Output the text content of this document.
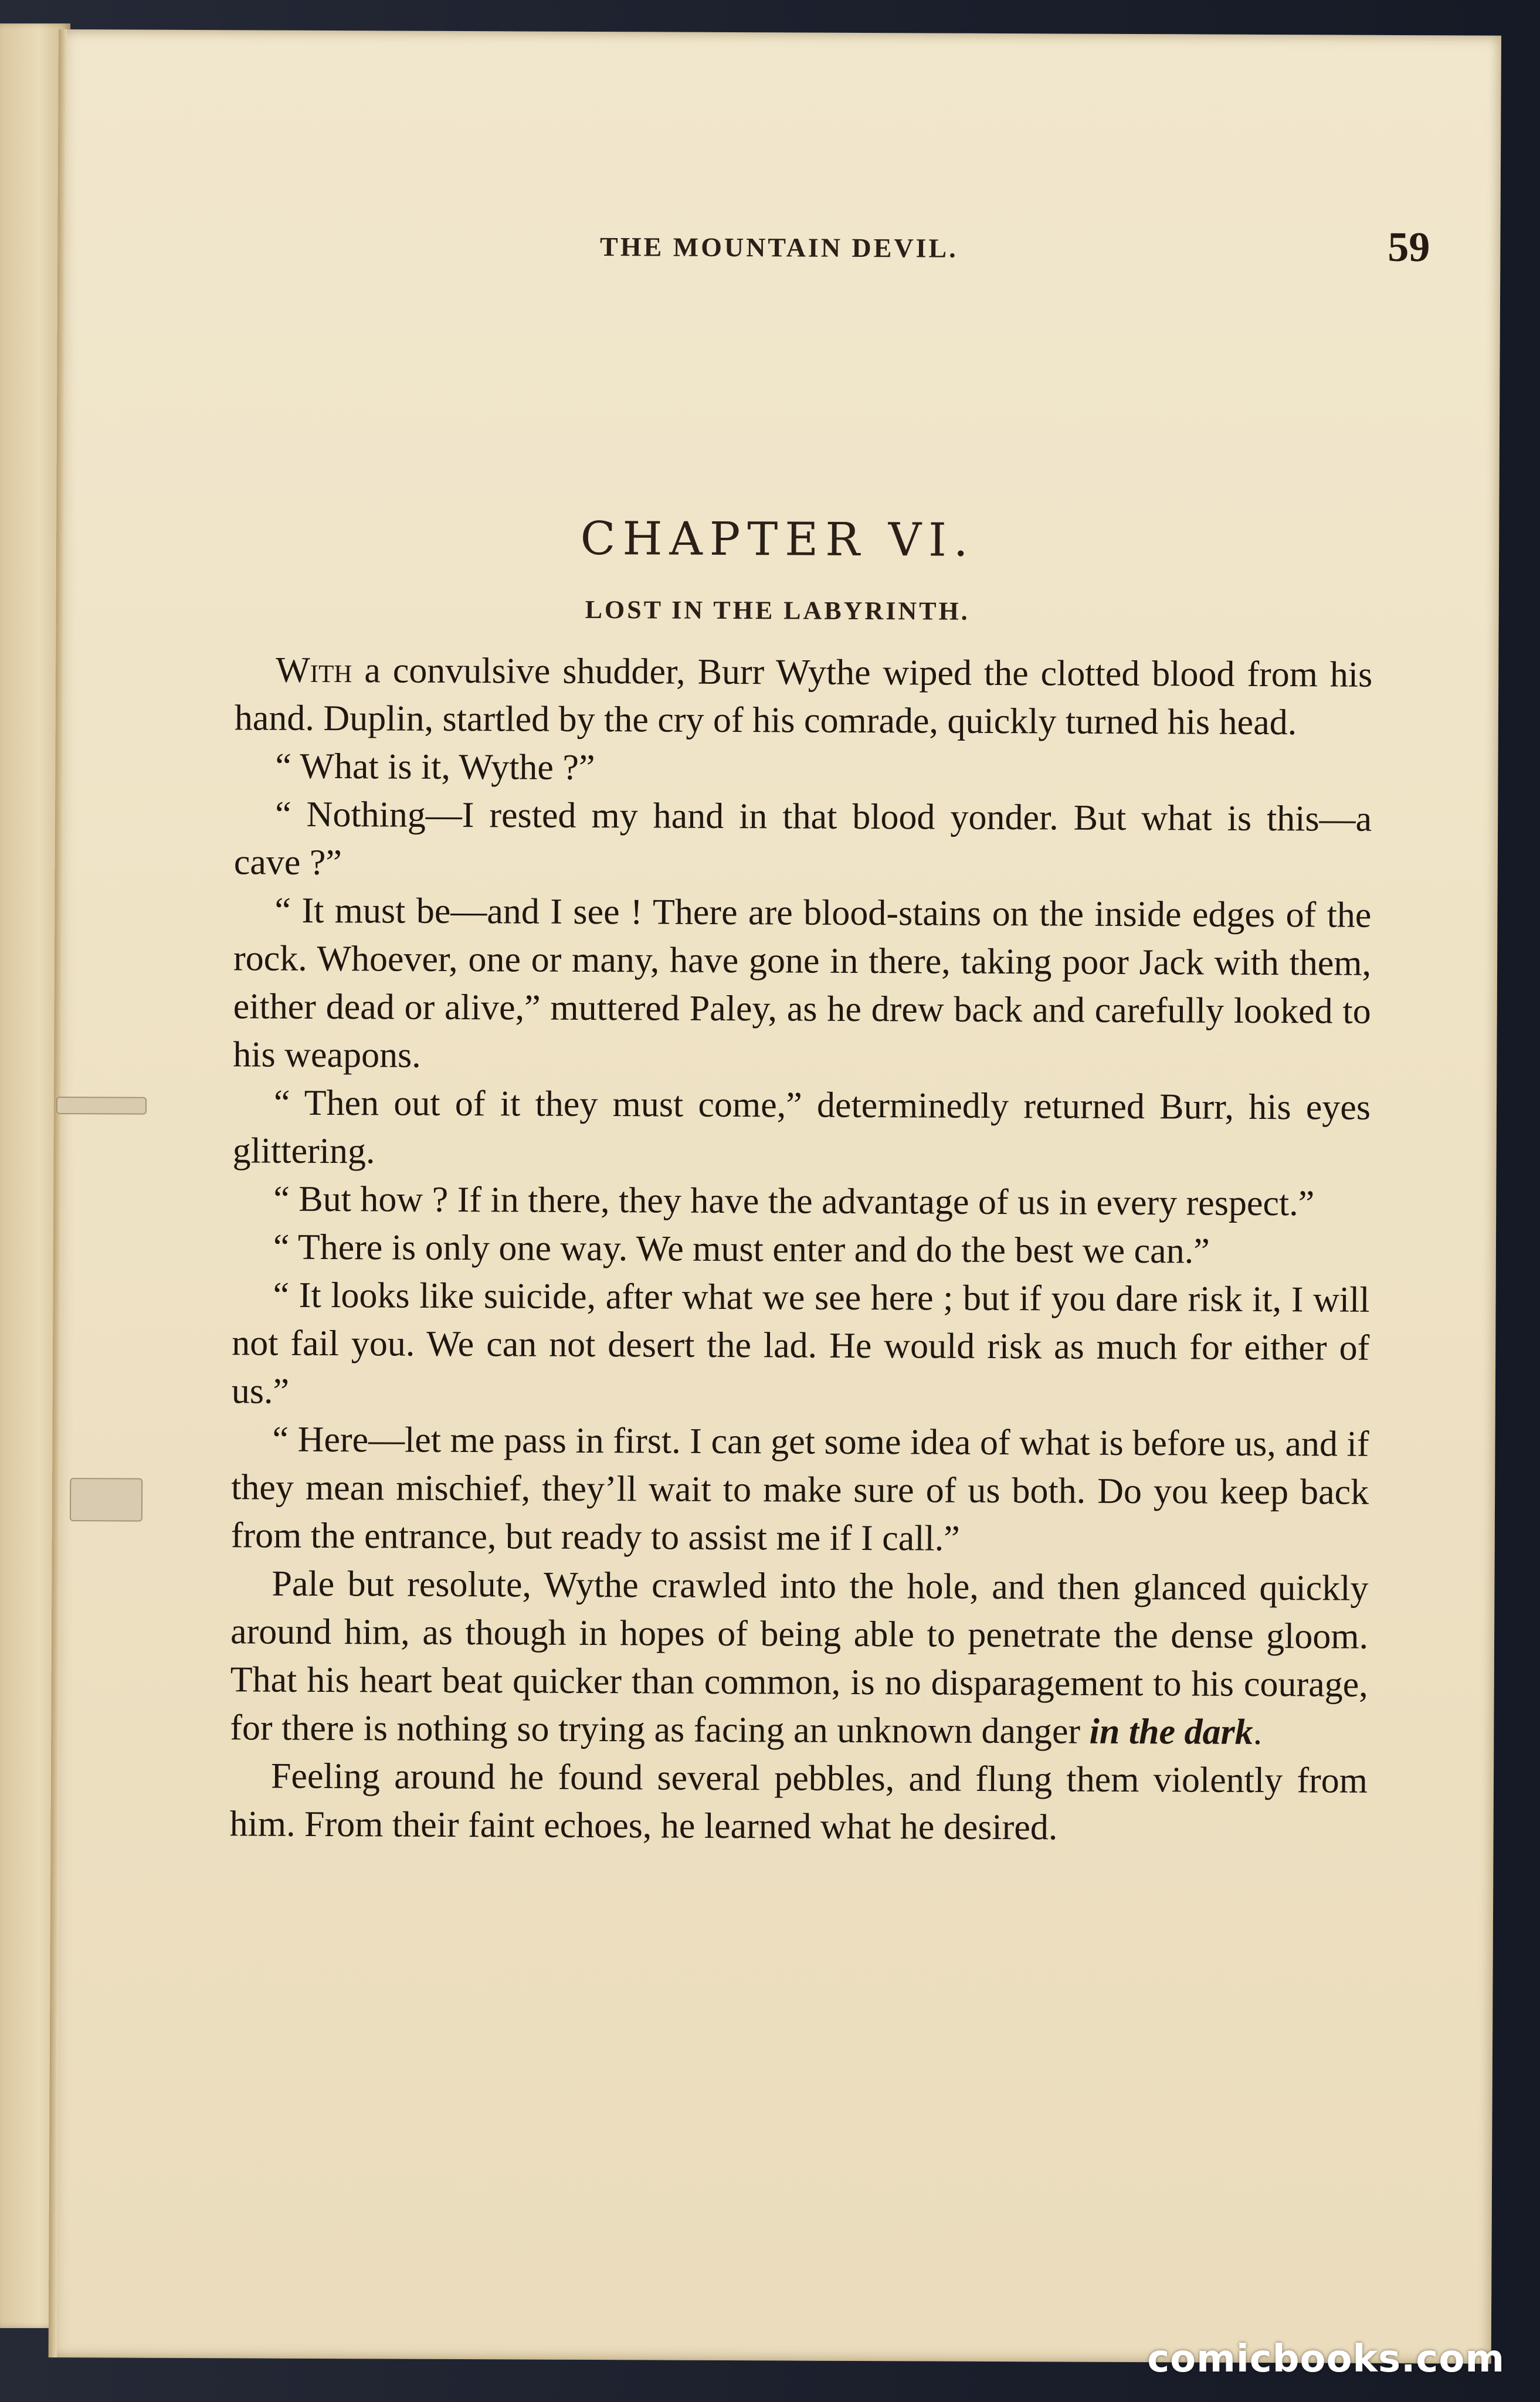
THE MOUNTAIN DEVIL.	59
CHAPTER VI.
LOST IN THE LABYRINTH.

With a convulsive shudder, Burr Wythe wiped the clotted blood from his hand. Duplin, startled by the cry of his comrade, quickly turned his head.

“ What is it, Wythe ?”

“ Nothing—I rested my hand in that blood yonder. But what is this—a cave ?”

“ It must be—and I see ! There are blood-stains on the inside edges of the rock. Whoever, one or many, have gone in there, taking poor Jack with them, either dead or alive,” muttered Paley, as he drew back and carefully looked to his weapons.

“ Then out of it they must come,” determinedly returned Burr, his eyes glittering.

“ But how ? If in there, they have the advantage of us in every respect.”

“ There is only one way. We must enter and do the best we can.”

“ It looks like suicide, after what we see here ; but if you dare risk it, I will not fail you. We can not desert the lad. He would risk as much for either of us.”

“ Here—let me pass in first. I can get some idea of what is before us, and if they mean mischief, they’ll wait to make sure of us both. Do you keep back from the entrance, but ready to assist me if I call.”

Pale but resolute, Wythe crawled into the hole, and then glanced quickly around him, as though in hopes of being able to penetrate the dense gloom. That his heart beat quicker than common, is no disparagement to his courage, for there is nothing so trying as facing an unknown danger in the dark.

Feeling around he found several pebbles, and flung them violently from him. From their faint echoes, he learned what he desired.

comicbooks.com
